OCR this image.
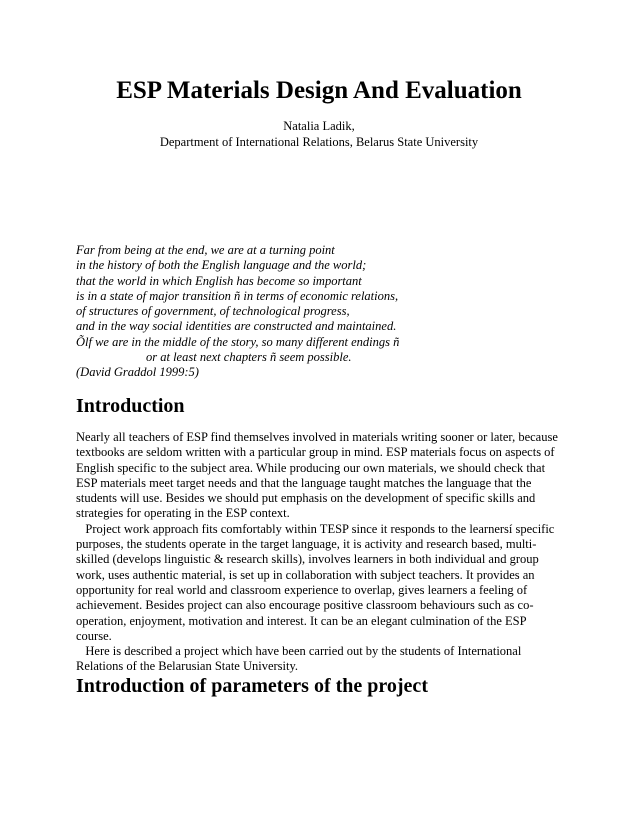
ESP Materials Design And Evaluation

Natalia Ladik,

Department of International Relations, Belarus State University

Far from being at the end, we are at a turning point
in the history of both the English language and the world;
that the world in which English has become so important
is in a state of major transition ñ in terms of economic relations,
of structures of government, of technological progress,
and in the way social identities are constructed and maintained.
Õlf we are in the middle of the story, so many different endings ñ
or at least next chapters ñ seem possible.
(David Graddol 1999:5)
Introduction
Nearly all teachers of ESP find themselves involved in materials writing sooner or later, because
textbooks are seldom written with a particular group in mind. ESP materials focus on aspects of
English specific to the subject area. While producing our own materials, we should check that
ESP materials meet target needs and that the language taught matches the language that the
students will use. Besides we should put emphasis on the development of specific skills and
strategies for operating in the ESP context.
Project work approach fits comfortably within TESP since it responds to the learnersí specific
purposes, the students operate in the target language, it is activity and research based, multi-
skilled (develops linguistic & research skills), involves learners in both individual and group
work, uses authentic material, is set up in collaboration with subject teachers. It provides an
opportunity for real world and classroom experience to overlap, gives learners a feeling of
achievement. Besides project can also encourage positive classroom behaviours such as co-
operation, enjoyment, motivation and interest. It can be an elegant culmination of the ESP
course.
Here is described a project which have been carried out by the students of International
Relations of the Belarusian State University.
Introduction of parameters of the project
